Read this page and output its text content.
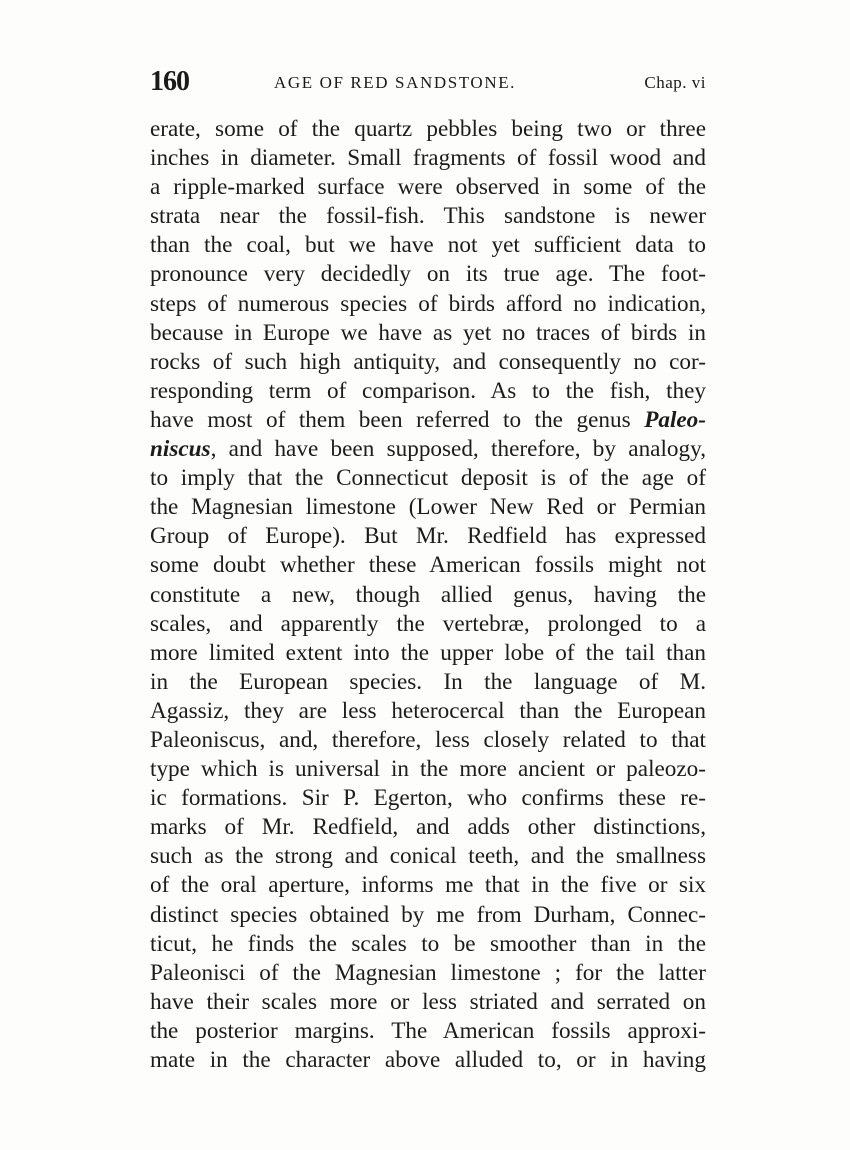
160	AGE OF RED SANDSTONE.	Chap. vi
erate, some of the quartz pebbles being two or three
inches in diameter. Small fragments of fossil wood and
a ripple-marked surface were observed in some of the
strata near the fossil-fish. This sandstone is newer
than the coal, but we have not yet sufficient data to
pronounce very decidedly on its true age. The foot-
steps of numerous species of birds afford no indication,
because in Europe we have as yet no traces of birds in
rocks of such high antiquity, and consequently no cor-
responding term of comparison. As to the fish, they
have most of them been referred to the genus Paleo-
niscus, and have been supposed, therefore, by analogy,
to imply that the Connecticut deposit is of the age of
the Magnesian limestone (Lower New Red or Permian
Group of Europe). But Mr. Redfield has expressed
some doubt whether these American fossils might not
constitute a new, though allied genus, having the
scales, and apparently the vertebræ, prolonged to a
more limited extent into the upper lobe of the tail than
in the European species. In the language of M.
Agassiz, they are less heterocercal than the European
Paleoniscus, and, therefore, less closely related to that
type which is universal in the more ancient or paleozo-
ic formations. Sir P. Egerton, who confirms these re-
marks of Mr. Redfield, and adds other distinctions,
such as the strong and conical teeth, and the smallness
of the oral aperture, informs me that in the five or six
distinct species obtained by me from Durham, Connec-
ticut, he finds the scales to be smoother than in the
Paleonisci of the Magnesian limestone ; for the latter
have their scales more or less striated and serrated on
the posterior margins. The American fossils approxi-
mate in the character above alluded to, or in having
